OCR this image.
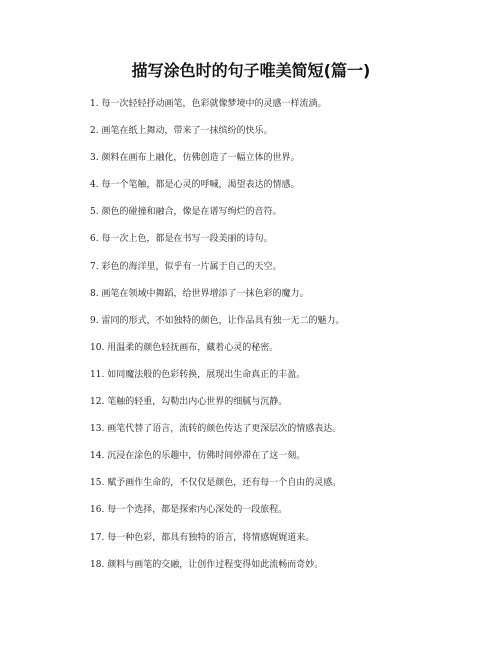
描写涂色时的句子唯美简短(篇一)
1. 每一次轻轻抒动画笔，色彩就像梦境中的灵感一样流淌。
2. 画笔在纸上舞动，带来了一抹缤纷的快乐。
3. 颜料在画布上融化，仿佛创造了一幅立体的世界。
4. 每一个笔触，都是心灵的呼喊，渴望表达的情感。
5. 颜色的碰撞和融合，像是在谱写绚烂的音符。
6. 每一次上色，都是在书写一段美丽的诗句。
7. 彩色的海洋里，似乎有一片属于自己的天空。
8. 画笔在领域中舞蹈，给世界增添了一抹色彩的魔力。
9. 雷同的形式，不如独特的颜色，让作品具有独一无二的魅力。
10. 用温柔的颜色轻抚画布，藏着心灵的秘密。
11. 如同魔法般的色彩转换，展现出生命真正的丰盈。
12. 笔触的轻重，勾勒出内心世界的细腻与沉静。
13. 画笔代替了语言，流转的颜色传达了更深层次的情感表达。
14. 沉浸在涂色的乐趣中，仿佛时间停滞在了这一刻。
15. 赋予画作生命的，不仅仅是颜色，还有每一个自由的灵感。
16. 每一个选择，都是探索内心深处的一段旅程。
17. 每一种色彩，都具有独特的语言，将情感娓娓道来。
18. 颜料与画笔的交融，让创作过程变得如此流畅而奇妙。
